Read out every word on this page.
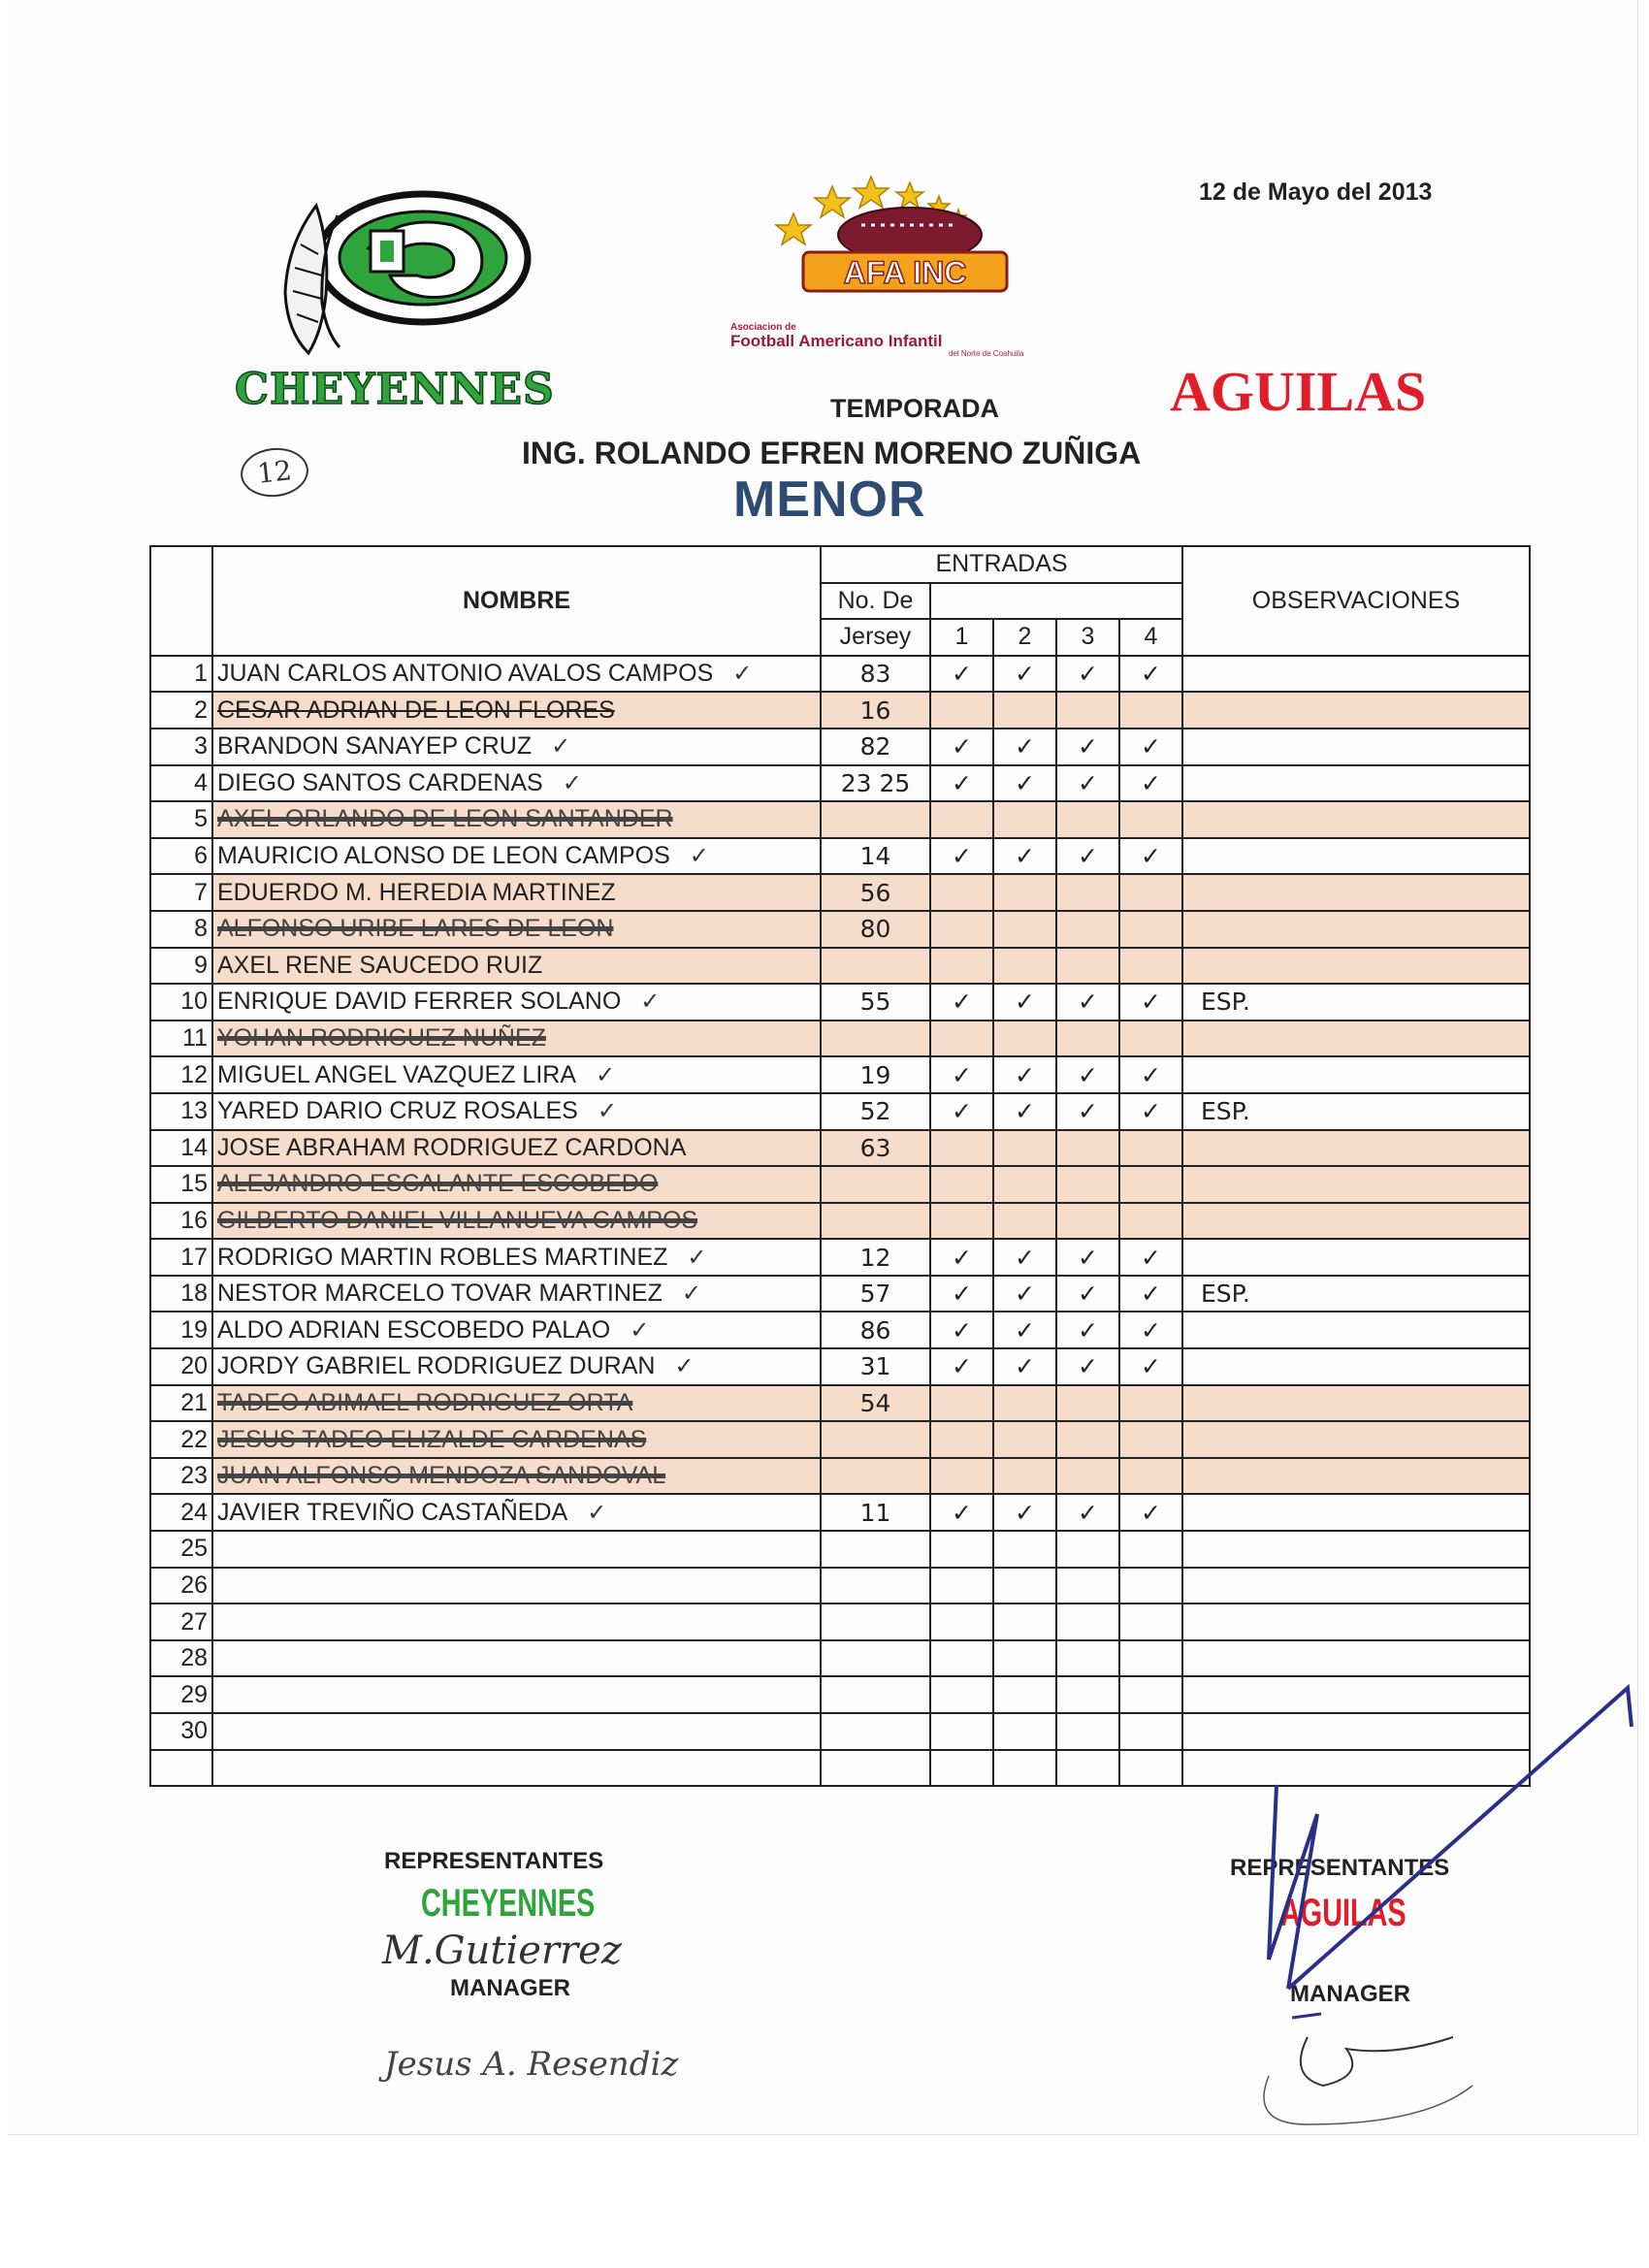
CHEYENNES
AFA INC
Asociacion de
Football Americano Infantil
del Norte de Coahuila
12 de Mayo del 2013
AGUILAS
TEMPORADA
ING. ROLANDO EFREN MORENO ZUÑIGA
MENOR
12
	NOMBRE	ENTRADAS					OBSERVACIONES
		No. De					
		Jersey	1	2	3	4	
1	JUAN CARLOS ANTONIO AVALOS CAMPOS ✓	83	✓	✓	✓	✓	
2	CESAR ADRIAN DE LEON FLORES	16					
3	BRANDON SANAYEP CRUZ ✓	82	✓	✓	✓	✓	
4	DIEGO SANTOS CARDENAS ✓	23 25	✓	✓	✓	✓	
5	AXEL ORLANDO DE LEON SANTANDER						
6	MAURICIO ALONSO DE LEON CAMPOS ✓	14	✓	✓	✓	✓	
7	EDUERDO M. HEREDIA MARTINEZ	56					
8	ALFONSO URIBE LARES DE LEON	80					
9	AXEL RENE SAUCEDO RUIZ						
10	ENRIQUE DAVID FERRER SOLANO ✓	55	✓	✓	✓	✓	ESP.
11	YOHAN RODRIGUEZ NUÑEZ						
12	MIGUEL ANGEL VAZQUEZ LIRA ✓	19	✓	✓	✓	✓	
13	YARED DARIO CRUZ ROSALES ✓	52	✓	✓	✓	✓	ESP.
14	JOSE ABRAHAM RODRIGUEZ CARDONA	63					
15	ALEJANDRO ESCALANTE ESCOBEDO						
16	GILBERTO DANIEL VILLANUEVA CAMPOS						
17	RODRIGO MARTIN ROBLES MARTINEZ ✓	12	✓	✓	✓	✓	
18	NESTOR MARCELO TOVAR MARTINEZ ✓	57	✓	✓	✓	✓	ESP.
19	ALDO ADRIAN ESCOBEDO PALAO ✓	86	✓	✓	✓	✓	
20	JORDY GABRIEL RODRIGUEZ DURAN ✓	31	✓	✓	✓	✓	
21	TADEO ABIMAEL RODRIGUEZ ORTA	54					
22	JESUS TADEO ELIZALDE CARDENAS						
23	JUAN ALFONSO MENDOZA SANDOVAL						
24	JAVIER TREVIÑO CASTAÑEDA ✓	11	✓	✓	✓	✓	
25							
26							
27							
28							
29							
30							

REPRESENTANTES
CHEYENNES
M.Gutierrez
MANAGER
Jesus A. Resendiz
REPRESENTANTES
AGUILAS
MANAGER
